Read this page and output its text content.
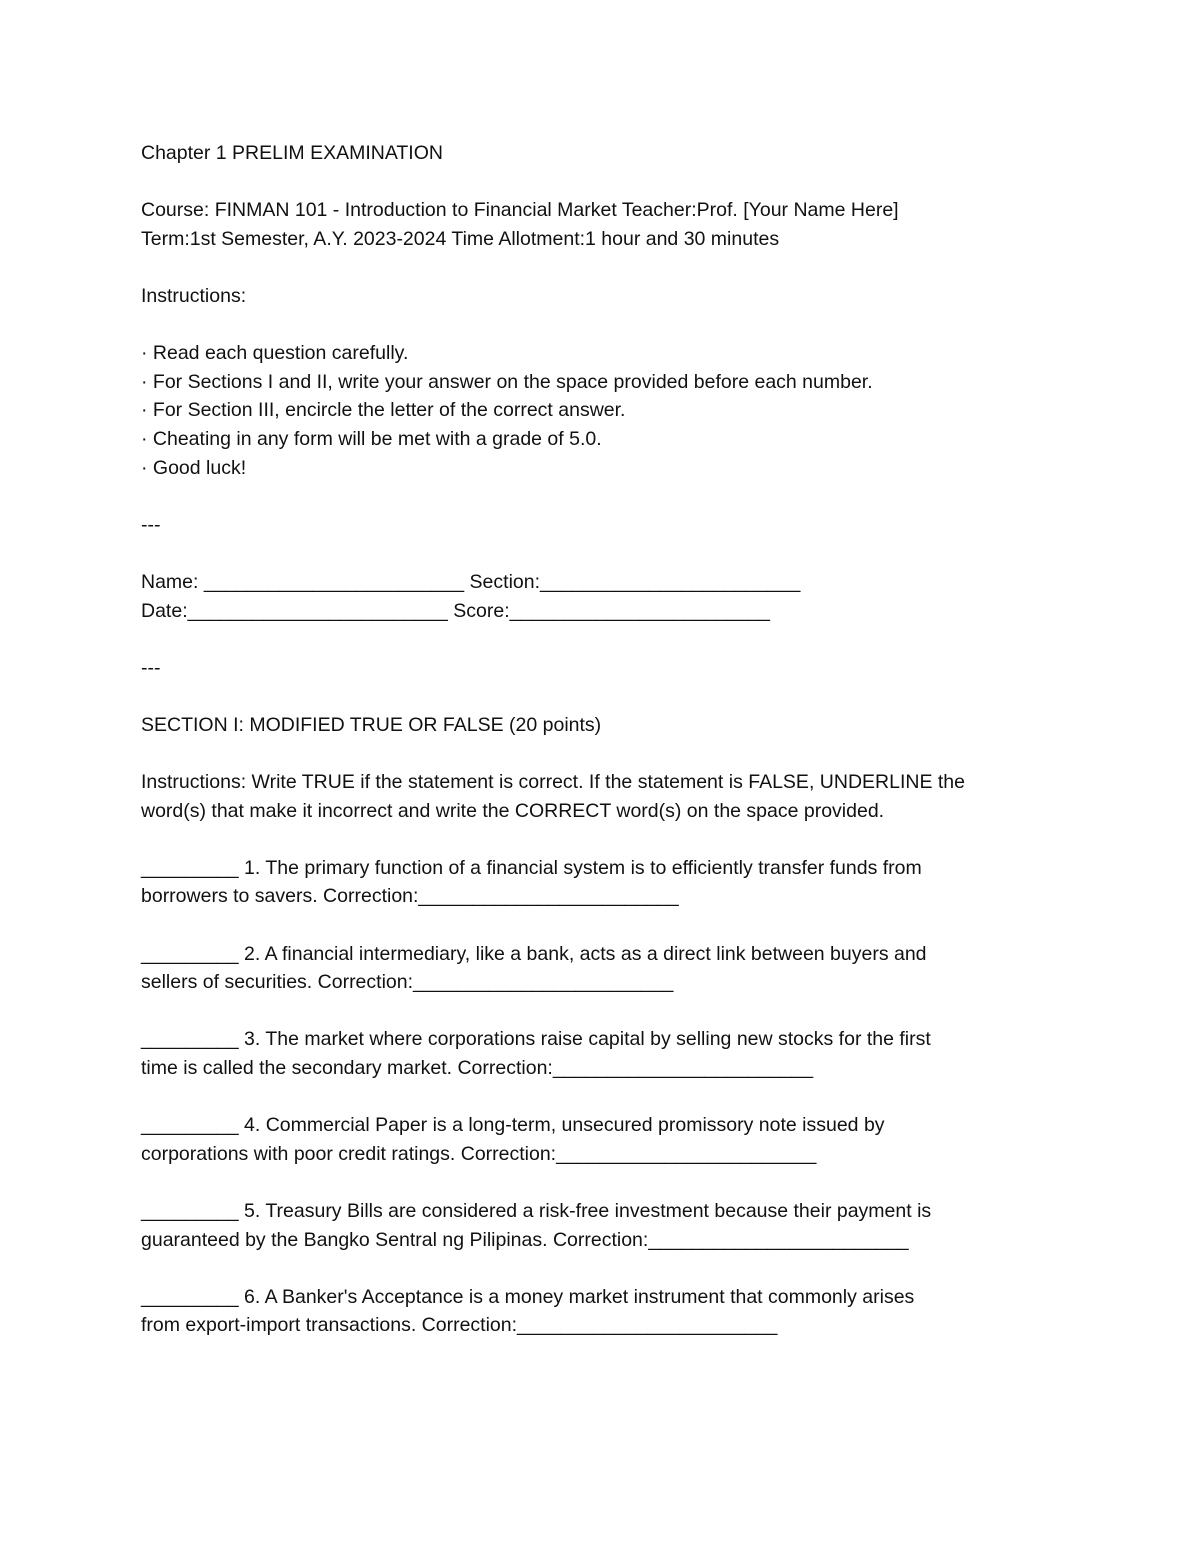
Chapter 1 PRELIM EXAMINATION
Course: FINMAN 101 - Introduction to Financial Market Teacher:Prof. [Your Name Here]
Term:1st Semester, A.Y. 2023-2024 Time Allotment:1 hour and 30 minutes
Instructions:
· Read each question carefully.
· For Sections I and II, write your answer on the space provided before each number.
· For Section III, encircle the letter of the correct answer.
· Cheating in any form will be met with a grade of 5.0.
· Good luck!
---
Name: ________________________ Section:________________________
Date:________________________ Score:________________________
---
SECTION I: MODIFIED TRUE OR FALSE (20 points)
Instructions: Write TRUE if the statement is correct. If the statement is FALSE, UNDERLINE the
word(s) that make it incorrect and write the CORRECT word(s) on the space provided.
_________ 1. The primary function of a financial system is to efficiently transfer funds from
borrowers to savers. Correction:________________________
_________ 2. A financial intermediary, like a bank, acts as a direct link between buyers and
sellers of securities. Correction:________________________
_________ 3. The market where corporations raise capital by selling new stocks for the first
time is called the secondary market. Correction:________________________
_________ 4. Commercial Paper is a long-term, unsecured promissory note issued by
corporations with poor credit ratings. Correction:________________________
_________ 5. Treasury Bills are considered a risk-free investment because their payment is
guaranteed by the Bangko Sentral ng Pilipinas. Correction:________________________
_________ 6. A Banker's Acceptance is a money market instrument that commonly arises
from export-import transactions. Correction:________________________
